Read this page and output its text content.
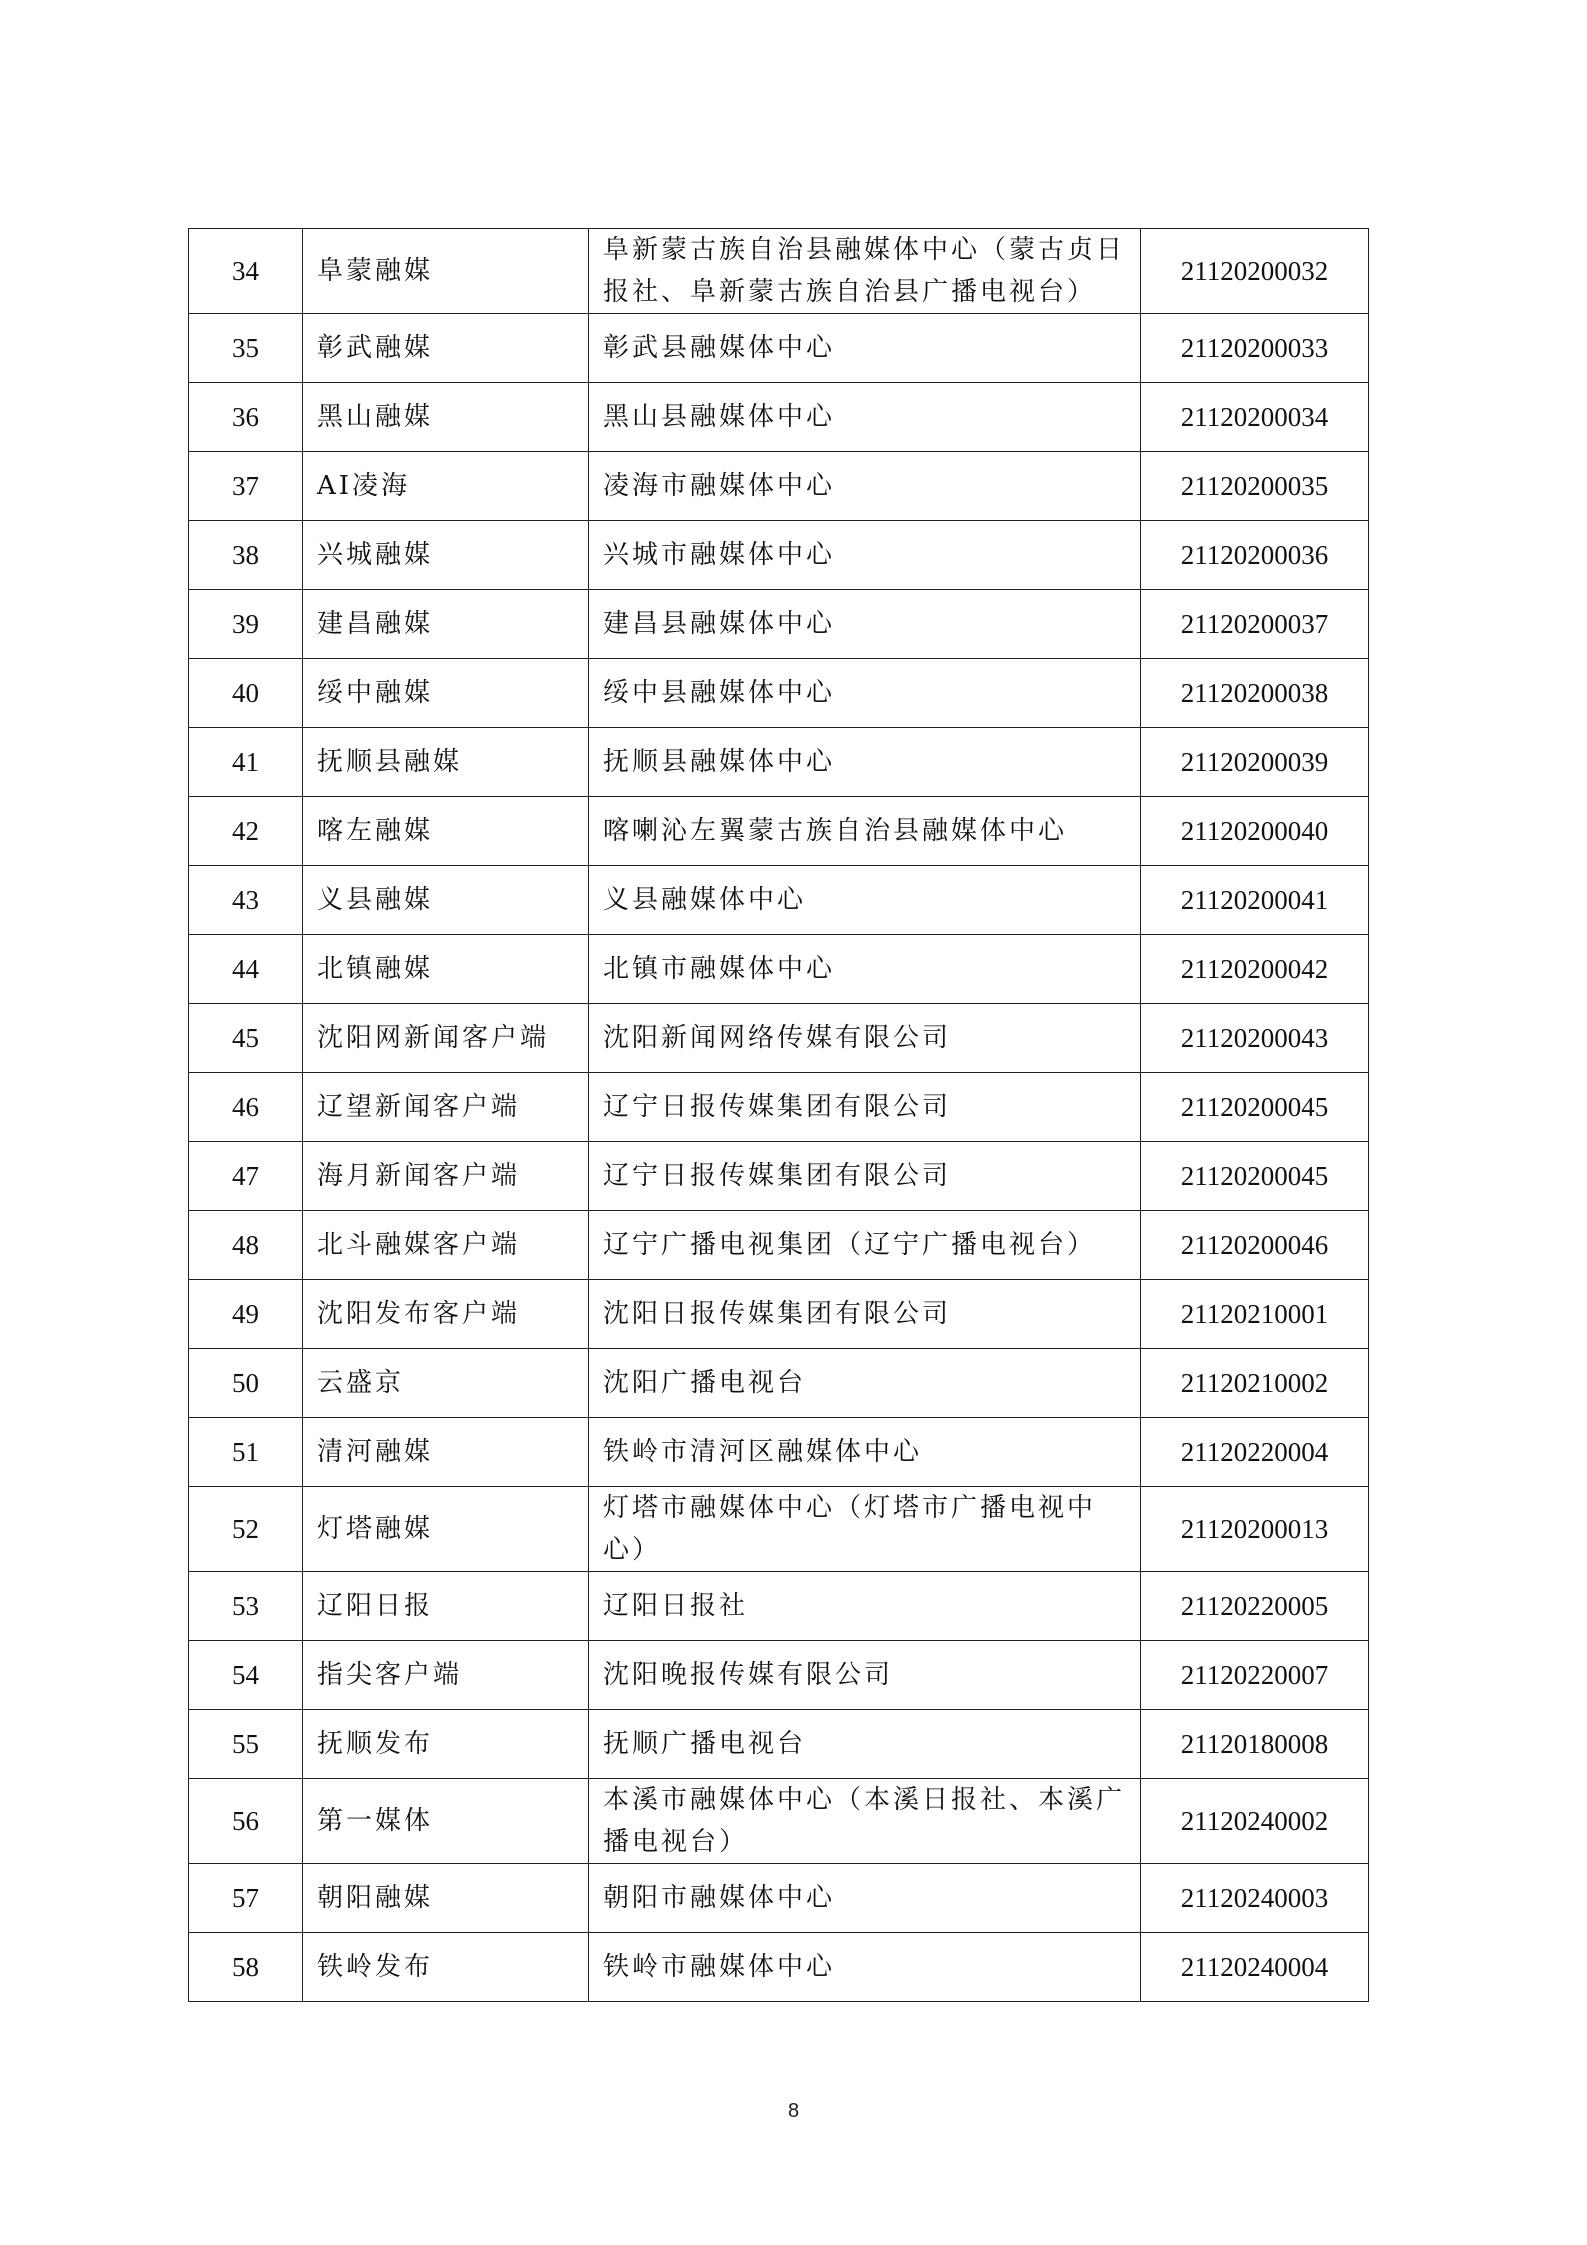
34	阜蒙融媒	阜新蒙古族自治县融媒体中心（蒙古贞日报社、阜新蒙古族自治县广播电视台）	21120200032
35	彰武融媒	彰武县融媒体中心	21120200033
36	黑山融媒	黑山县融媒体中心	21120200034
37	AI凌海	凌海市融媒体中心	21120200035
38	兴城融媒	兴城市融媒体中心	21120200036
39	建昌融媒	建昌县融媒体中心	21120200037
40	绥中融媒	绥中县融媒体中心	21120200038
41	抚顺县融媒	抚顺县融媒体中心	21120200039
42	喀左融媒	喀喇沁左翼蒙古族自治县融媒体中心	21120200040
43	义县融媒	义县融媒体中心	21120200041
44	北镇融媒	北镇市融媒体中心	21120200042
45	沈阳网新闻客户端	沈阳新闻网络传媒有限公司	21120200043
46	辽望新闻客户端	辽宁日报传媒集团有限公司	21120200045
47	海月新闻客户端	辽宁日报传媒集团有限公司	21120200045
48	北斗融媒客户端	辽宁广播电视集团（辽宁广播电视台）	21120200046
49	沈阳发布客户端	沈阳日报传媒集团有限公司	21120210001
50	云盛京	沈阳广播电视台	21120210002
51	清河融媒	铁岭市清河区融媒体中心	21120220004
52	灯塔融媒	灯塔市融媒体中心（灯塔市广播电视中心）	21120200013
53	辽阳日报	辽阳日报社	21120220005
54	指尖客户端	沈阳晚报传媒有限公司	21120220007
55	抚顺发布	抚顺广播电视台	21120180008
56	第一媒体	本溪市融媒体中心（本溪日报社、本溪广播电视台）	21120240002
57	朝阳融媒	朝阳市融媒体中心	21120240003
58	铁岭发布	铁岭市融媒体中心	21120240004
8
